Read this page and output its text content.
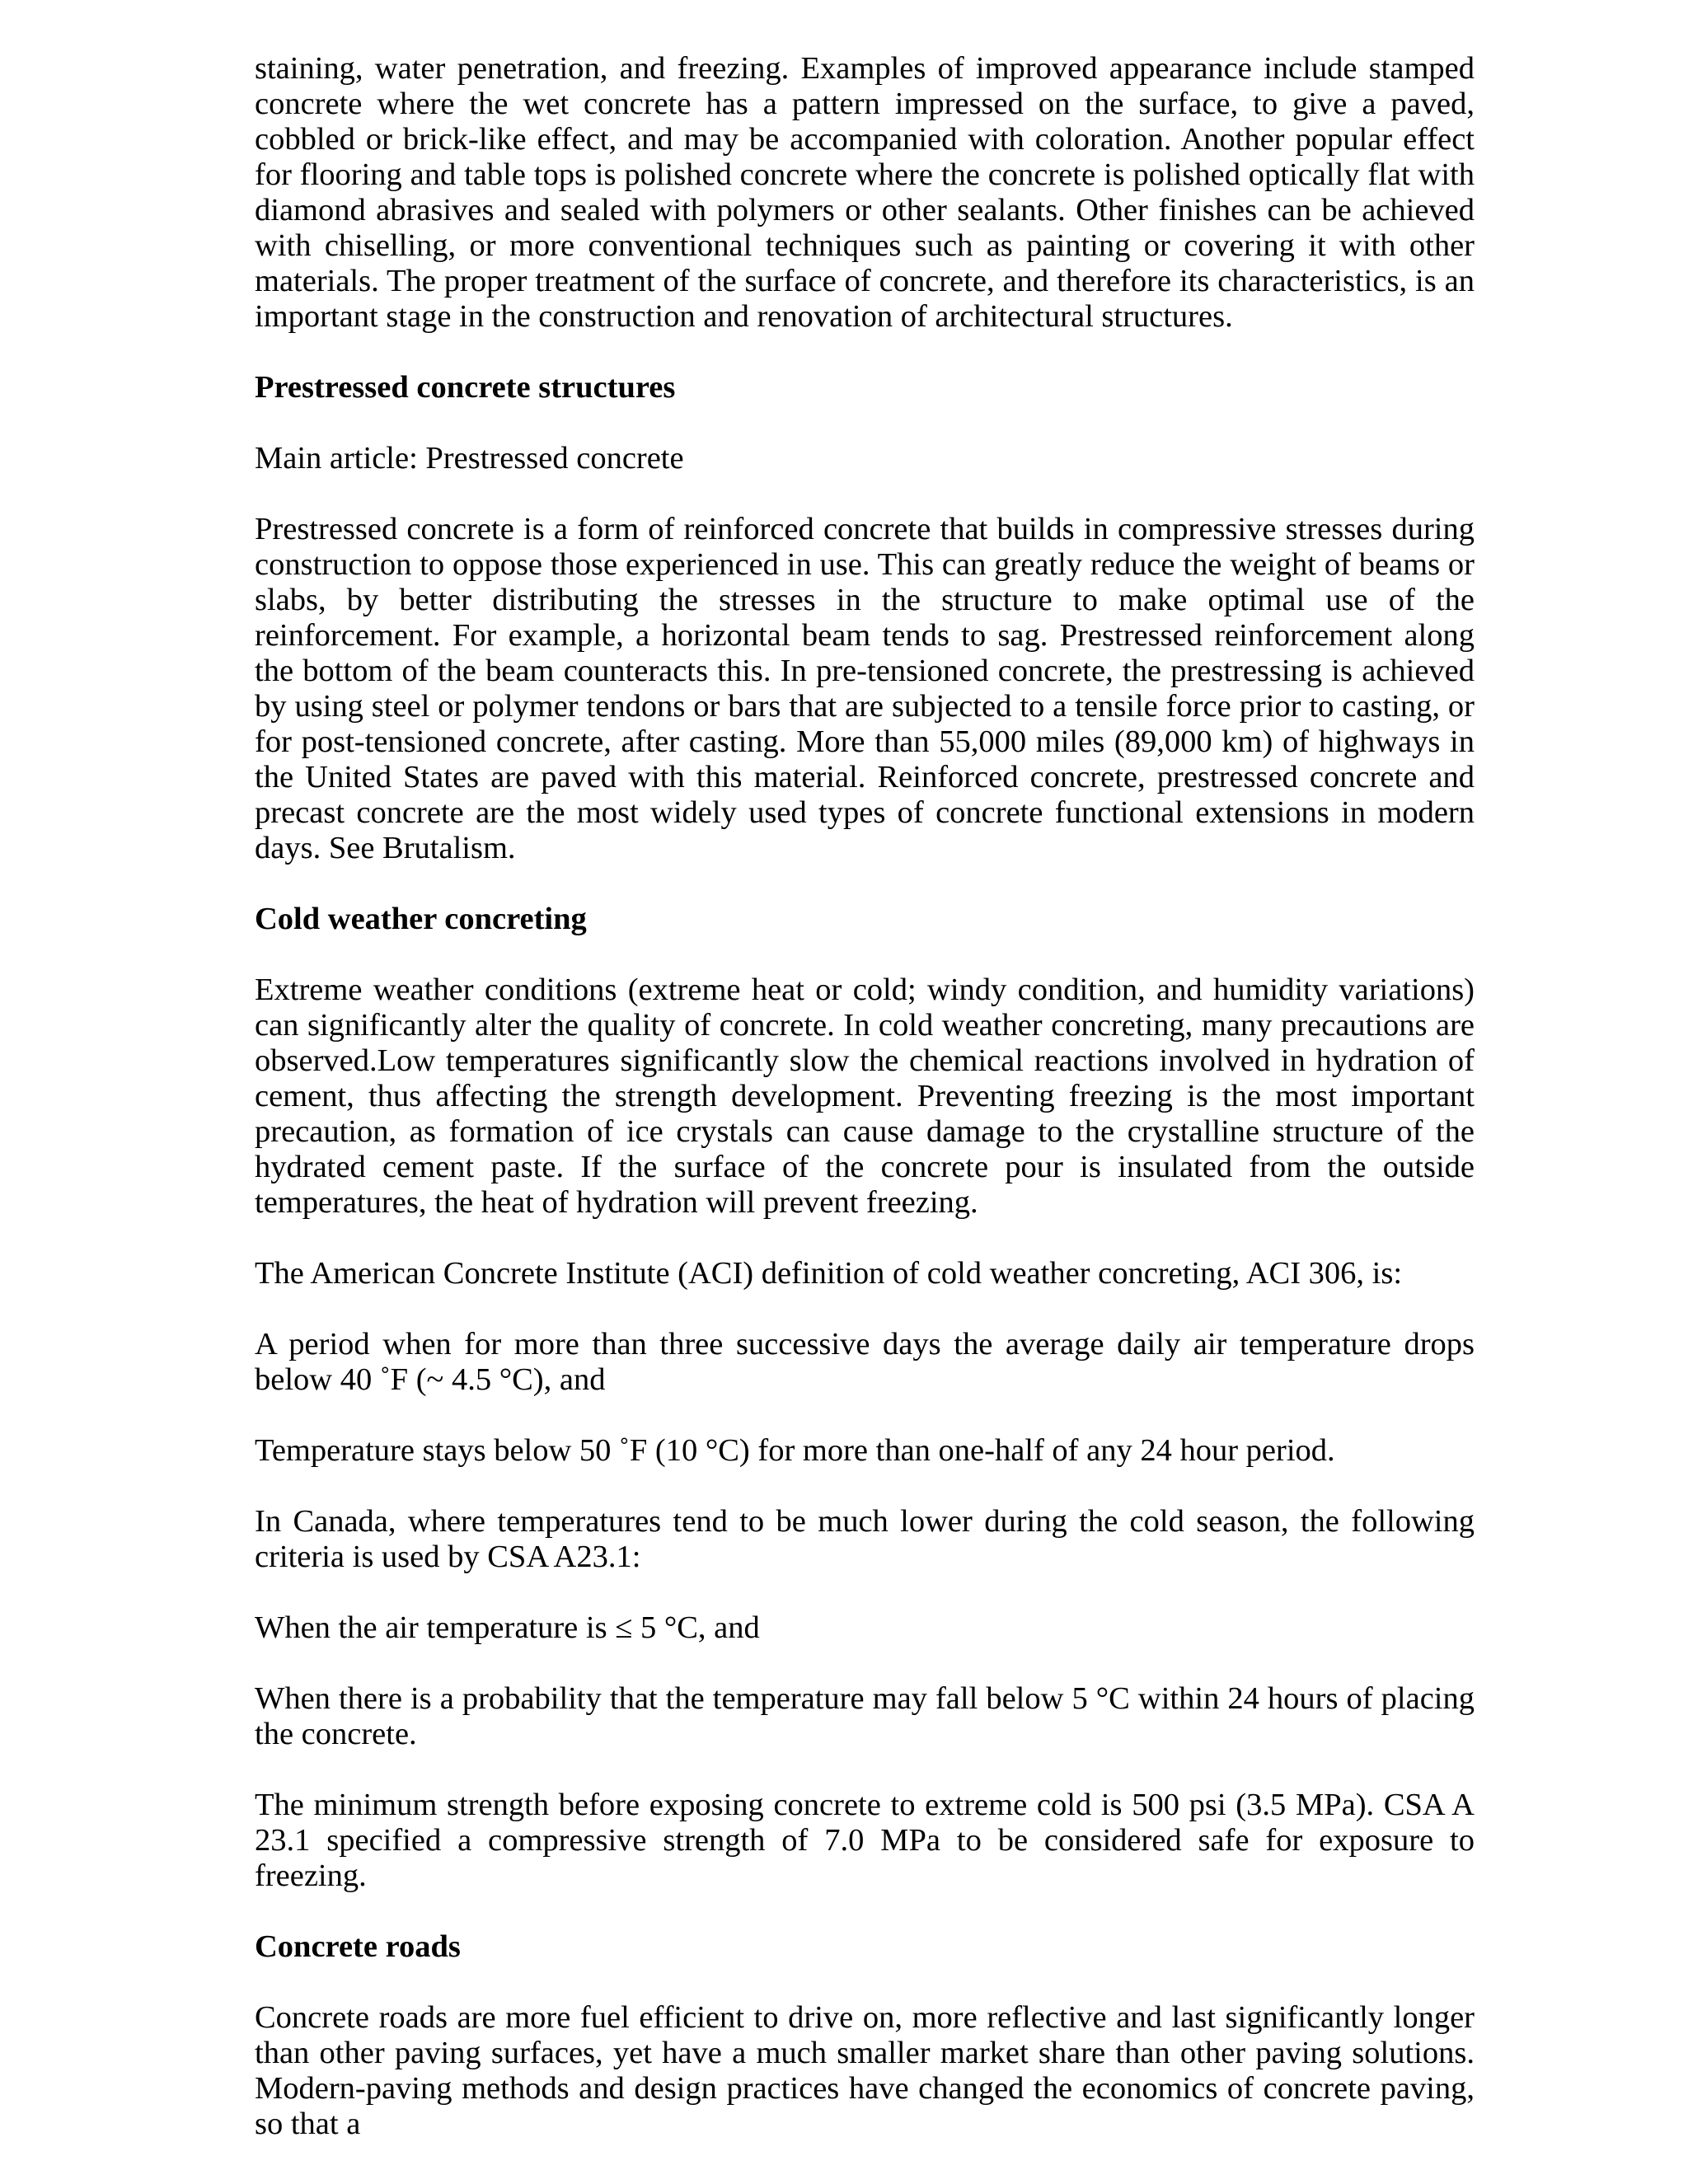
staining, water penetration, and freezing. Examples of improved appearance include stamped concrete where the wet concrete has a pattern impressed on the surface, to give a paved, cobbled or brick-like effect, and may be accompanied with coloration. Another popular effect for flooring and table tops is polished concrete where the concrete is polished optically flat with diamond abrasives and sealed with polymers or other sealants. Other finishes can be achieved with chiselling, or more conventional techniques such as painting or covering it with other materials. The proper treatment of the surface of concrete, and therefore its characteristics, is an important stage in the construction and renovation of architectural structures.

Prestressed concrete structures

Main article: Prestressed concrete

Prestressed concrete is a form of reinforced concrete that builds in compressive stresses during construction to oppose those experienced in use. This can greatly reduce the weight of beams or slabs, by better distributing the stresses in the structure to make optimal use of the reinforcement. For example, a horizontal beam tends to sag. Prestressed reinforcement along the bottom of the beam counteracts this. In pre-tensioned concrete, the prestressing is achieved by using steel or polymer tendons or bars that are subjected to a tensile force prior to casting, or for post-tensioned concrete, after casting. More than 55,000 miles (89,000 km) of highways in the United States are paved with this material. Reinforced concrete, prestressed concrete and precast concrete are the most widely used types of concrete functional extensions in modern days. See Brutalism.

Cold weather concreting

Extreme weather conditions (extreme heat or cold; windy condition, and humidity variations) can significantly alter the quality of concrete. In cold weather concreting, many precautions are observed.Low temperatures significantly slow the chemical reactions involved in hydration of cement, thus affecting the strength development. Preventing freezing is the most important precaution, as formation of ice crystals can cause damage to the crystalline structure of the hydrated cement paste. If the surface of the concrete pour is insulated from the outside temperatures, the heat of hydration will prevent freezing.

The American Concrete Institute (ACI) definition of cold weather concreting, ACI 306, is:

A period when for more than three successive days the average daily air temperature drops below 40 ˚F (~ 4.5 °C), and

Temperature stays below 50 ˚F (10 °C) for more than one-half of any 24 hour period.

In Canada, where temperatures tend to be much lower during the cold season, the following criteria is used by CSA A23.1:

When the air temperature is ≤ 5 °C, and

When there is a probability that the temperature may fall below 5 °C within 24 hours of placing the concrete.

The minimum strength before exposing concrete to extreme cold is 500 psi (3.5 MPa). CSA A 23.1 specified a compressive strength of 7.0 MPa to be considered safe for exposure to freezing.

Concrete roads

Concrete roads are more fuel efficient to drive on, more reflective and last significantly longer than other paving surfaces, yet have a much smaller market share than other paving solutions. Modern-paving methods and design practices have changed the economics of concrete paving, so that a
